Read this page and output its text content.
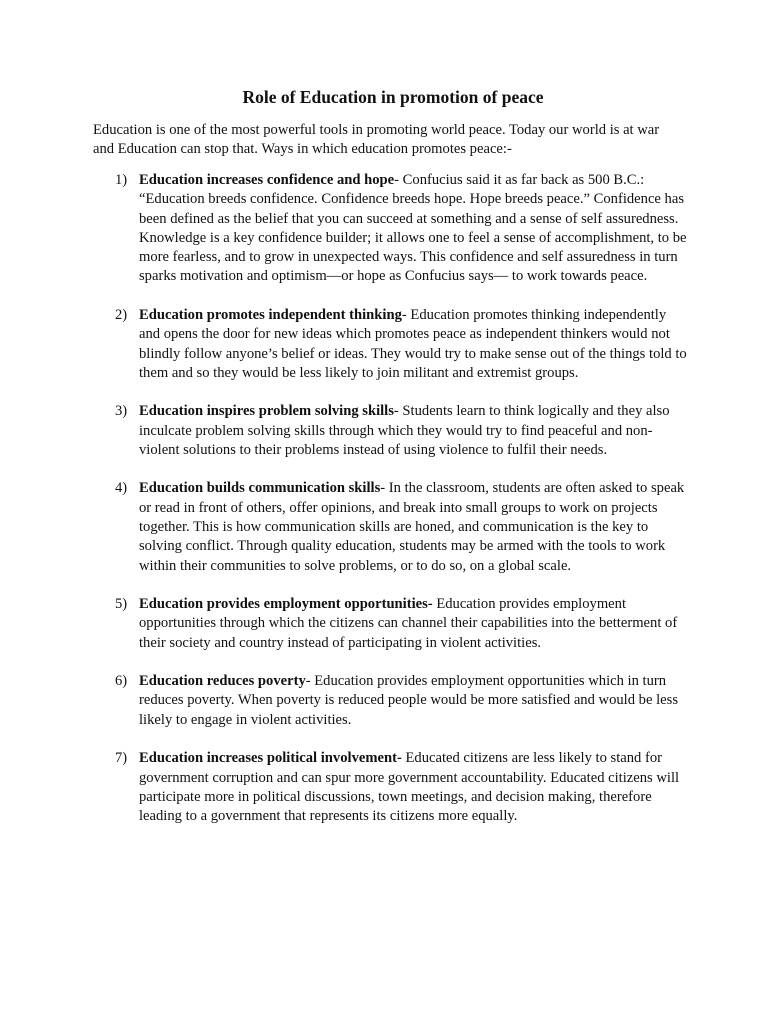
Role of Education in promotion of peace

Education is one of the most powerful tools in promoting world peace. Today our world is at war and Education can stop that. Ways in which education promotes peace:-

1) Education increases confidence and hope- Confucius said it as far back as 500 B.C.: “Education breeds confidence. Confidence breeds hope. Hope breeds peace.” Confidence has been defined as the belief that you can succeed at something and a sense of self assuredness. Knowledge is a key confidence builder; it allows one to feel a sense of accomplishment, to be more fearless, and to grow in unexpected ways. This confidence and self assuredness in turn sparks motivation and optimism—or hope as Confucius says— to work towards peace.
2) Education promotes independent thinking- Education promotes thinking independently and opens the door for new ideas which promotes peace as independent thinkers would not blindly follow anyone’s belief or ideas. They would try to make sense out of the things told to them and so they would be less likely to join militant and extremist groups.
3) Education inspires problem solving skills- Students learn to think logically and they also inculcate problem solving skills through which they would try to find peaceful and non-violent solutions to their problems instead of using violence to fulfil their needs.
4) Education builds communication skills- In the classroom, students are often asked to speak or read in front of others, offer opinions, and break into small groups to work on projects together. This is how communication skills are honed, and communication is the key to solving conflict. Through quality education, students may be armed with the tools to work within their communities to solve problems, or to do so, on a global scale.
5) Education provides employment opportunities- Education provides employment opportunities through which the citizens can channel their capabilities into the betterment of their society and country instead of participating in violent activities.
6) Education reduces poverty- Education provides employment opportunities which in turn reduces poverty. When poverty is reduced people would be more satisfied and would be less likely to engage in violent activities.
7) Education increases political involvement- Educated citizens are less likely to stand for government corruption and can spur more government accountability. Educated citizens will participate more in political discussions, town meetings, and decision making, therefore leading to a government that represents its citizens more equally.
